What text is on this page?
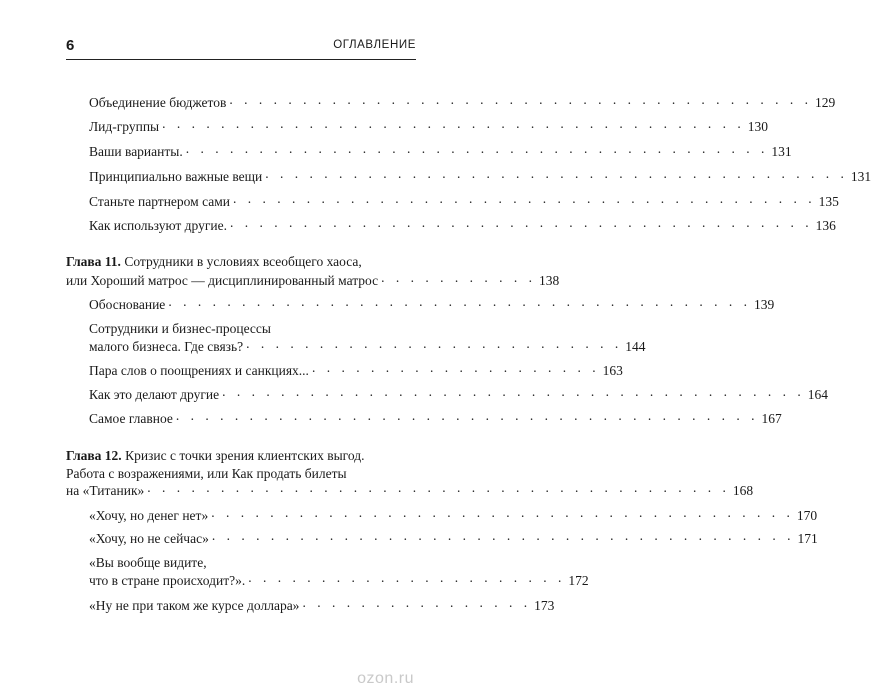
6	ОГЛАВЛЕНИЕ
Объединение бюджетов . . . . . . . . . . . . . . . . . . . . . . . . . . . . . . . . . . . . . . . . 129
Лид-группы . . . . . . . . . . . . . . . . . . . . . . . . . . . . . . . . . . . . . . . . 130
Ваши варианты. . . . . . . . . . . . . . . . . . . . . . . . . . . . . . . . . . . . . . . . . 131
Принципиально важные вещи . . . . . . . . . . . . . . . . . . . . . . . . . . . . . . . . . . . . . . . . 131
Станьте партнером сами . . . . . . . . . . . . . . . . . . . . . . . . . . . . . . . . . . . . . . . . 135
Как используют другие. . . . . . . . . . . . . . . . . . . . . . . . . . . . . . . . . . . . . . . . . 136
Глава 11. Сотрудники в условиях всеобщего хаоса,
или Хороший матрос — дисциплинированный матрос . . . . . . . . . . . 138
Обоснование . . . . . . . . . . . . . . . . . . . . . . . . . . . . . . . . . . . . . . . . 139
Сотрудники и бизнес-процессы
малого бизнеса. Где связь? . . . . . . . . . . . . . . . . . . . . . . . . . . 144
Пара слов о поощрениях и санкциях... . . . . . . . . . . . . . . . . . . . . 163
Как это делают другие . . . . . . . . . . . . . . . . . . . . . . . . . . . . . . . . . . . . . . . . 164
Самое главное . . . . . . . . . . . . . . . . . . . . . . . . . . . . . . . . . . . . . . . . 167
Глава 12. Кризис с точки зрения клиентских выгод.
Работа с возражениями, или Как продать билеты
на «Титаник» . . . . . . . . . . . . . . . . . . . . . . . . . . . . . . . . . . . . . . . . 168
«Хочу, но денег нет» . . . . . . . . . . . . . . . . . . . . . . . . . . . . . . . . . . . . . . . . 170
«Хочу, но не сейчас» . . . . . . . . . . . . . . . . . . . . . . . . . . . . . . . . . . . . . . . . 171
«Вы вообще видите,
что в стране происходит?». . . . . . . . . . . . . . . . . . . . . . . 172
«Ну не при таком же курсе доллара» . . . . . . . . . . . . . . . . 173
ozon.ru
